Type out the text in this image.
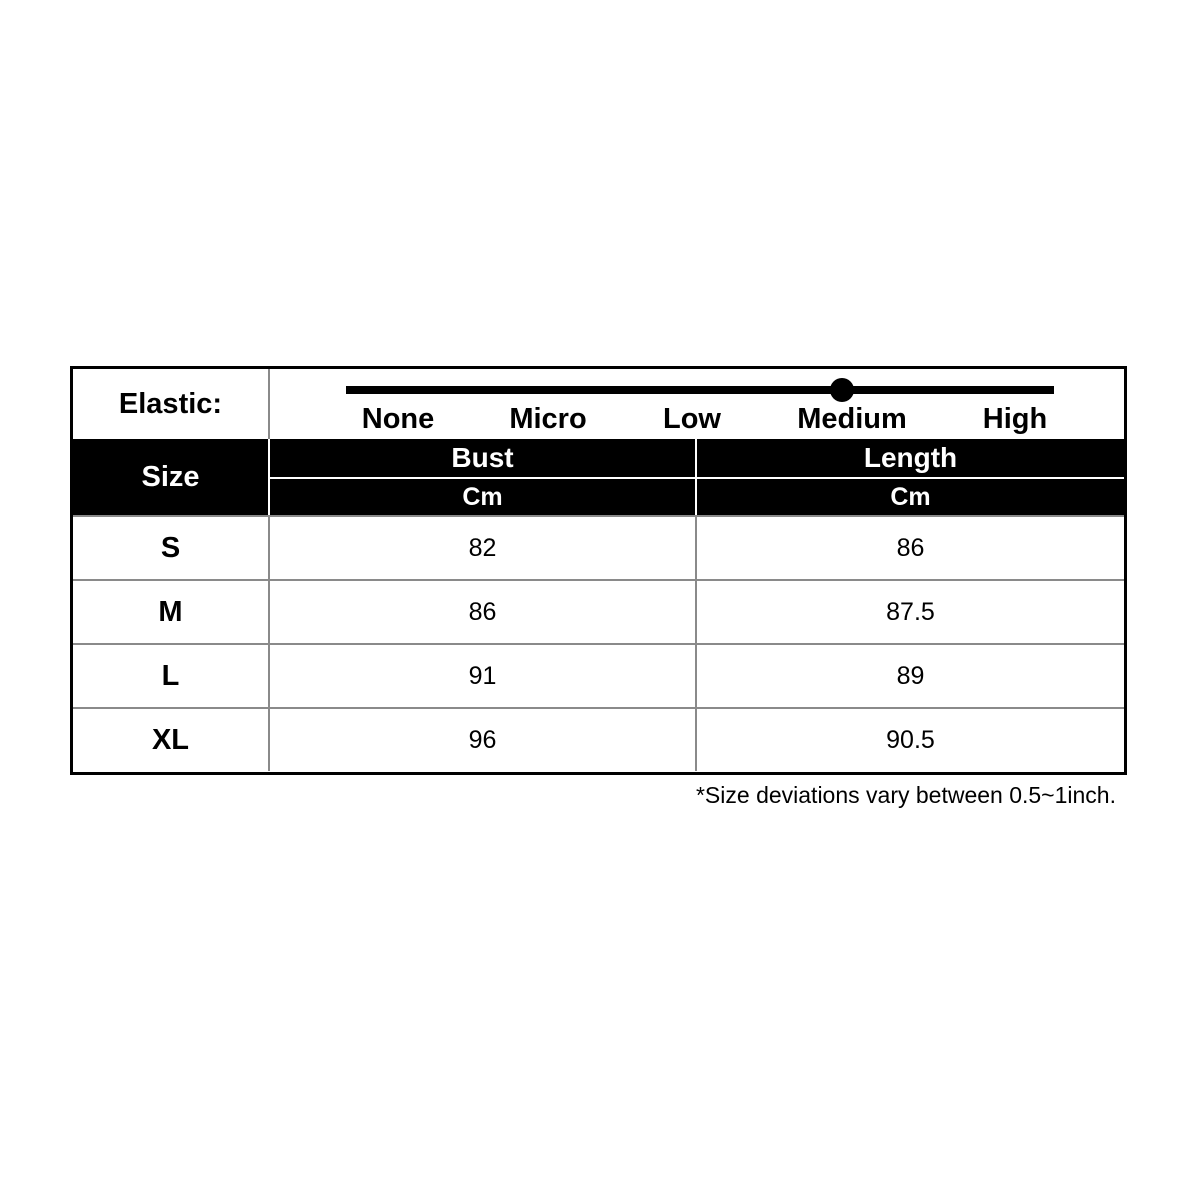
Elastic:	None	Micro	Low	Medium	High
Size
Bust	Length
Cm	Cm
S	82	86
M	86	87.5
L	91	89
XL	96	90.5
*Size deviations vary between 0.5~1inch.
